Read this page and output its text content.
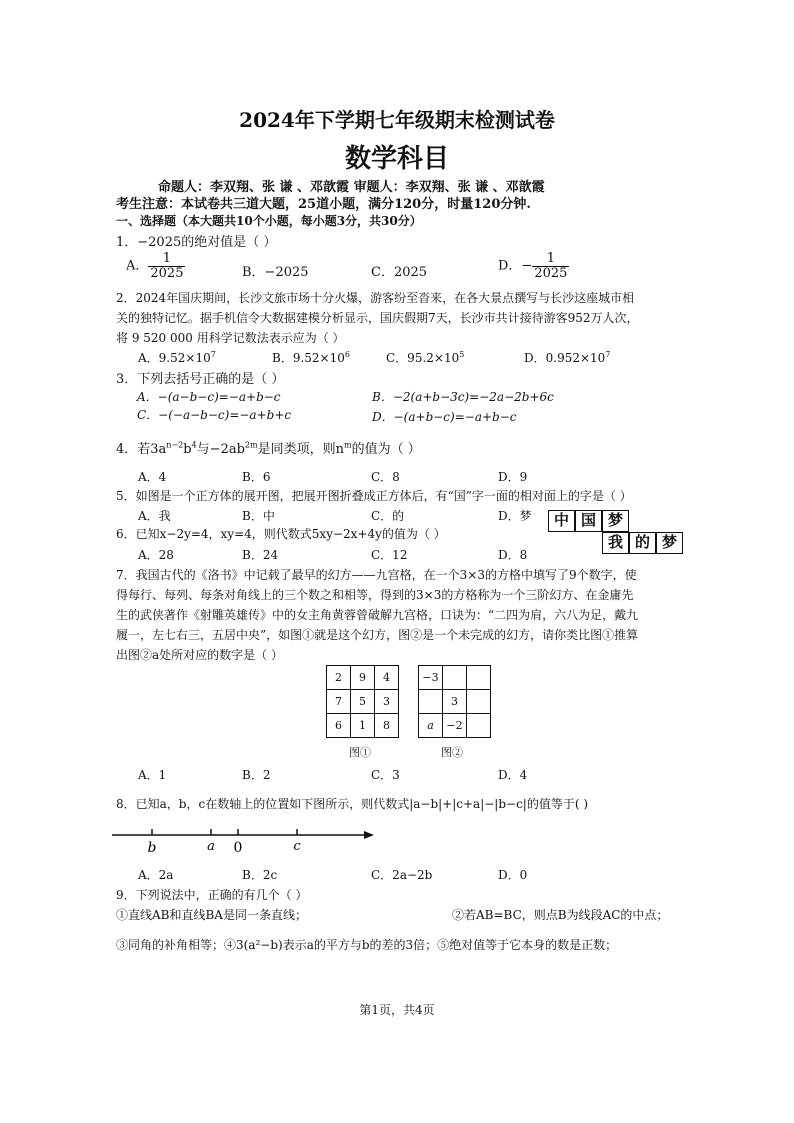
2024年下学期七年级期末检测试卷
数学科目
命题人：李双翔、张 谦 、邓歆霞 审题人：李双翔、张 谦 、邓歆霞
考生注意：本试卷共三道大题，25道小题，满分120分，时量120分钟.
一、选择题（本大题共10个小题，每小题3分，共30分）
1．−2025的绝对值是（ ）
A． $\frac{1}{2025}$	B．−2025	C．2025	D．− $\frac{1}{2025}$
2．2024年国庆期间，长沙文旅市场十分火爆，游客纷至沓来，在各大景点撰写与长沙这座城市相
关的独特记忆。据手机信令大数据建模分析显示，国庆假期7天，长沙市共计接待游客952万人次，
将 9 520 000 用科学记数法表示应为（ ）
A．$9.52\times 10^7$	B．$9.52\times 10^6$	C．$95.2\times 10^5$	D．$0.952\times 10^7$
3．下列去括号正确的是（ ）
A．−(a−b−c)=−a+b−c	B．−2(a+b−3c)=−2a−2b+6c
C．−(−a−b−c)=−a+b+c	D．−(a+b−c)=−a+b−c
4．若$3a^{n-2}b^4$与$-2ab^{2m}$是同类项，则$n^m$的值为（ ）
A．4	B．6	C．8	D．9
5．如图是一个正方体的展开图，把展开图折叠成正方体后，有“国”字一面的相对面上的字是（ ）
A．我	B．中	C．的	D．梦	中 国 梦
我 的 梦
6．已知x−2y=4，xy=4，则代数式5xy−2x+4y的值为（ ）
A．28	B．24	C．12	D．8
7．我国古代的《洛书》中记载了最早的幻方——九宫格，在一个3×3的方格中填写了9个数字，使
得每行、每列、每条对角线上的三个数之和相等，得到的3×3的方格称为一个三阶幻方、在金庸先
生的武侠著作《射雕英雄传》中的女主角黄蓉曾破解九宫格，口诀为：“二四为肩，六八为足，戴九
履一，左七右三，五居中央”，如图①就是这个幻方，图②是一个未完成的幻方，请你类比图①推算
出图②a处所对应的数字是（ ）
2	9	4
7	5	3
6	1	8
−3		
	3	
a	−2	
图①	图②
A．1	B．2	C．3	D．4
8．已知a，b，c在数轴上的位置如下图所示，则代数式|a−b|+|c+a|−|b−c|的值等于( )
b	a 0	c
A．2a	B．2c	C．2a−2b	D．0
9．下列说法中，正确的有几个（ ）
①直线AB和直线BA是同一条直线；	②若AB=BC，则点B为线段AC的中点；
③同角的补角相等；④3(a²−b)表示a的平方与b的差的3倍；⑤绝对值等于它本身的数是正数；
第1页，共4页
